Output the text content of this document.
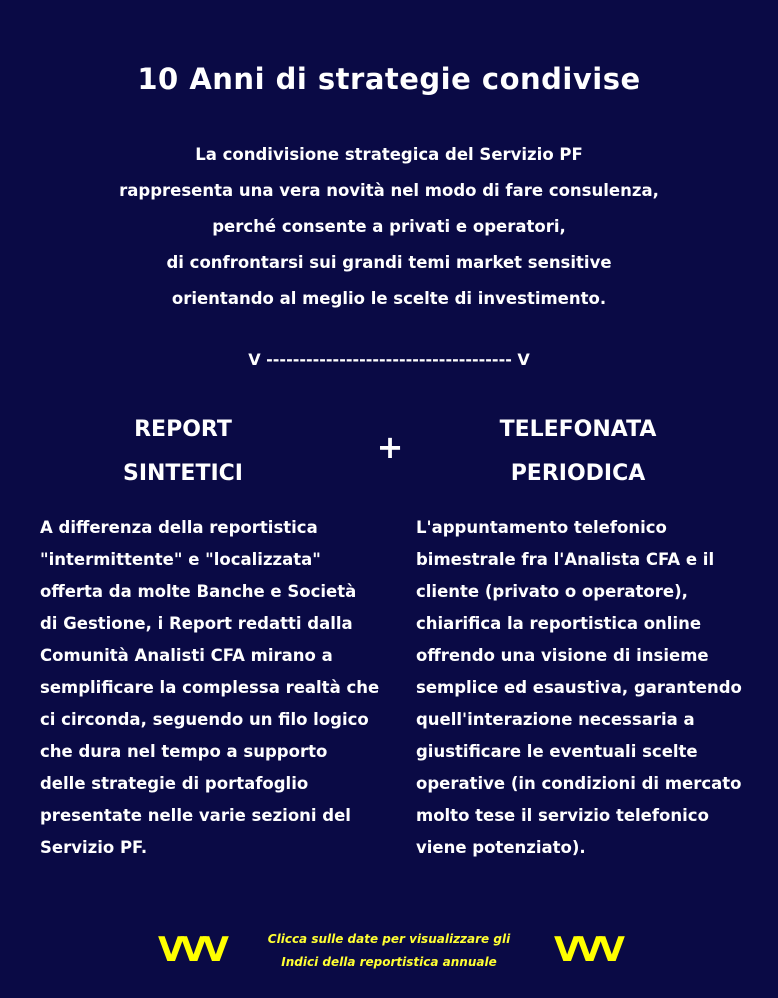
10 Anni di strategie condivise
La condivisione strategica del Servizio PF
rappresenta una vera novità nel modo di fare consulenza,
perché consente a privati e operatori,
di confrontarsi sui grandi temi market sensitive
orientando al meglio le scelte di investimento.
V ------------------------------------- V
REPORT
SINTETICI
+	TELEFONATA
PERIODICA
A differenza della reportistica
"intermittente" e "localizzata"
offerta da molte Banche e Società
di Gestione, i Report redatti dalla
Comunità Analisti CFA mirano a
semplificare la complessa realtà che
ci circonda, seguendo un filo logico
che dura nel tempo a supporto
delle strategie di portafoglio
presentate nelle varie sezioni del
Servizio PF.
L'appuntamento telefonico
bimestrale fra l'Analista CFA e il
cliente (privato o operatore),
chiarifica la reportistica online
offrendo una visione di insieme
semplice ed esaustiva, garantendo
quell'interazione necessaria a
giustificare le eventuali scelte
operative (in condizioni di mercato
molto tese il servizio telefonico
viene potenziato).
VVV	Clicca sulle date per visualizzare gli
Indici della reportistica annuale	VVV
